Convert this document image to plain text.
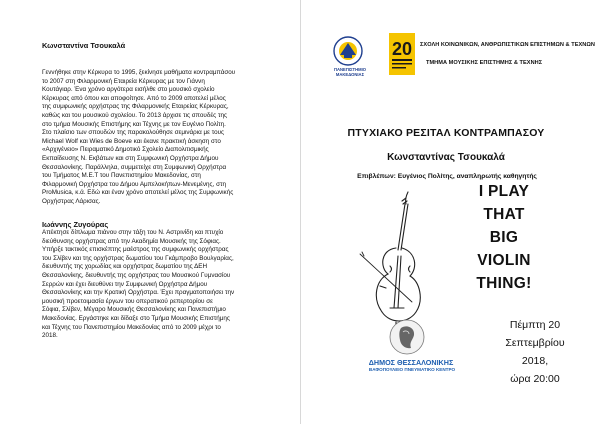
Κωνσταντίνα Τσουκαλά

Γεννήθηκε στην Κέρκυρα το 1995, ξεκίνησε μαθήματα κοντραμπάσου
το 2007 στη Φιλαρμονική Εταιρεία Κέρκυρας με τον Γιάννη
Κουτάγιαρ. Ένα χρόνο αργότερα εισήλθε στο μουσικό σχολείο
Κέρκυρας από όπου και αποφοίτησε. Από το 2009 αποτελεί μέλος
της συμφωνικής ορχήστρας της Φιλαρμονικής Εταιρείας Κέρκυρας,
καθώς και του μουσικού σχολείου. Το 2013 άρχισε τις σπουδές της
στο τμήμα Μουσικής Επιστήμης και Τέχνης με τον Ευγένιο Πολίτη.
Στο πλαίσιο των σπουδών της παρακολούθησε σεμινάρια με τους
Michael Wolf και Wies de Boeve και έκανε πρακτική άσκηση στο
«Αρχιγένειο» Πειραματικό Δημοτικό Σχολείο Διαπολιτισμικής
Εκπαίδευσης Ν. Εκβάτων και στη Συμφωνική Ορχήστρα Δήμου
Θεσσαλονίκης. Παράλληλα, συμμετείχε στη Συμφωνική Ορχήστρα
του Τμήματος Μ.Ε.Τ του Πανεπιστημίου Μακεδονίας, στη
Φιλαρμονική Ορχήστρα του Δήμου Αμπελοκήπων-Μενεμένης, στη
ProMusica, κ.ά. Εδώ και έναν χρόνο αποτελεί μέλος της Συμφωνικής
Ορχήστρας Λάρισας.

Ιωάννης Ζυγούρας

Απέκτησε δίπλωμα πιάνου στην τάξη του Ν. Αστρινίδη και πτυχίο
διεύθυνσης ορχήστρας από την Ακαδημία Μουσικής της Σόφιας.
Υπήρξε τακτικός επισκέπτης μαέστρος της συμφωνικής ορχήστρας
του Σλίβεν και της ορχήστρας δωματίου του Γκάμπροβο Βουλγαρίας,
διευθυντής της χορωδίας και ορχήστρας δωματίου της ΔΕΗ
Θεσσαλονίκης, διευθυντής της ορχήστρας του Μουσικού Γυμνασίου
Σερρών και έχει διευθύνει την Συμφωνική Ορχήστρα Δήμου
Θεσσαλονίκης και την Κρατική Ορχήστρα. Έχει πραγματοποιήσει την
μουσική προετοιμασία έργων του οπερατικού ρεπερτορίου σε
Σόφια, Σλίβεν, Μέγαρο Μουσικής Θεσσαλονίκης και Πανεπιστήμιο
Μακεδονίας. Εργάστηκε και δίδαξε στο Τμήμα Μουσικής Επιστήμης
και Τέχνης του Πανεπιστημίου Μακεδονίας από το 2009 μέχρι το
2018.

ΠΑΝΕΠΙΣΤΗΜΙΟ
ΜΑΚΕΔΟΝΙΑΣ
20 ΣΧΟΛΗ ΚΟΙΝΩΝΙΚΩΝ, ΑΝΘΡΩΠΙΣΤΙΚΩΝ ΕΠΙΣΤΗΜΩΝ & ΤΕΧΝΩΝ
ΤΜΗΜΑ ΜΟΥΣΙΚΗΣ ΕΠΙΣΤΗΜΗΣ & ΤΕΧΝΗΣ
ΠΤΥΧΙΑΚΟ ΡΕΣΙΤΑΛ ΚΟΝΤΡΑΜΠΑΣΟΥ
Κωνσταντίνας Τσουκαλά
Επιβλέπων: Ευγένιος Πολίτης, αναπληρωτής καθηγητής
I PLAY
THAT
BIG
VIOLIN
THING!
Πέμπτη 20
Σεπτεμβρίου
2018,
ώρα 20:00
ΔΗΜΟΣ ΘΕΣΣΑΛΟΝΙΚΗΣ
ΒΑΦΟΠΟΥΛΕΙΟ ΠΝΕΥΜΑΤΙΚΟ ΚΕΝΤΡΟ
